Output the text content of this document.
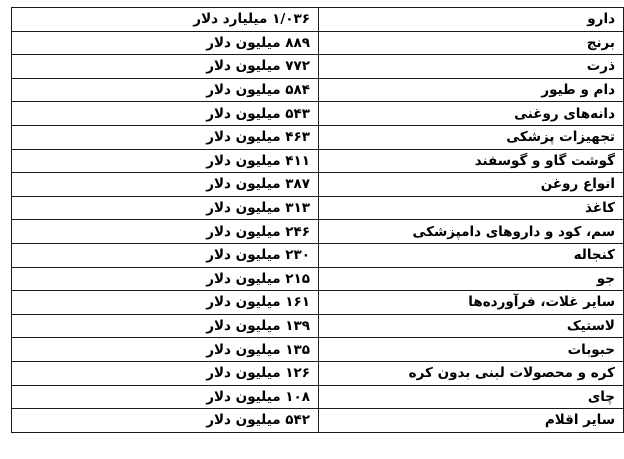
دارو	۱/۰۳۶ میلیارد دلار
برنج	۸۸۹ میلیون دلار
ذرت	۷۷۲ میلیون دلار
دام و طیور	۵۸۴ میلیون دلار
دانه‌های روغنی	۵۴۳ میلیون دلار
تجهیزات پزشکی	۴۶۳ میلیون دلار
گوشت گاو و گوسفند	۴۱۱ میلیون دلار
انواع روغن	۳۸۷ میلیون دلار
کاغذ	۳۱۳ میلیون دلار
سم، کود و داروهای دامپزشکی	۲۴۶ میلیون دلار
کنجاله	۲۳۰ میلیون دلار
جو	۲۱۵ میلیون دلار
سایر غلات، فرآورده‌ها	۱۶۱ میلیون دلار
لاستیک	۱۳۹ میلیون دلار
حبوبات	۱۳۵ میلیون دلار
کره و محصولات لبنی بدون کره	۱۲۶ میلیون دلار
چای	۱۰۸ میلیون دلار
سایر اقلام	۵۴۲ میلیون دلار
